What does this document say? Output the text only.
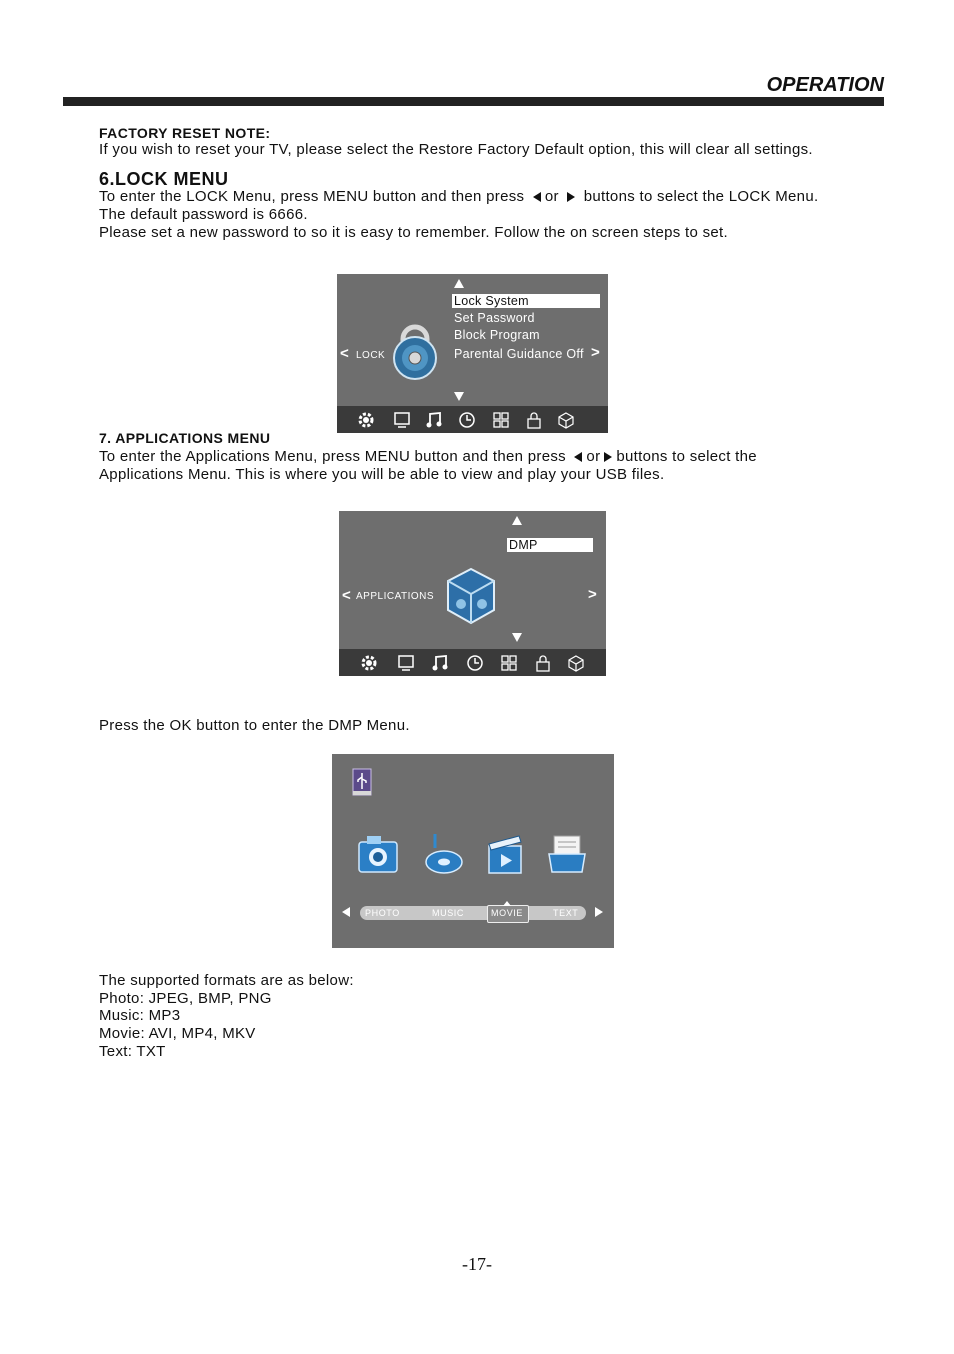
OPERATION
FACTORY RESET NOTE:
If you wish to reset your TV, please select the Restore Factory Default option, this will clear all settings.
6.LOCK MENU
To enter the LOCK Menu, press MENU button and then press or buttons to select the LOCK Menu.
The default password is 6666.
Please set a new password to so it is easy to remember. Follow the on screen steps to set.
Lock System
Set Password
Block Program
Parental Guidance Off >
< LOCK
7. APPLICATIONS MENU
To enter the Applications Menu, press MENU button and then press or buttons to select the
Applications Menu. This is where you will be able to view and play your USB files.
DMP
< APPLICATIONS	>
Press the OK button to enter the DMP Menu.
PHOTO	MUSIC	MOVIE	TEXT
The supported formats are as below:
Photo: JPEG, BMP, PNG
Music: MP3
Movie: AVI, MP4, MKV
Text: TXT
-17-
